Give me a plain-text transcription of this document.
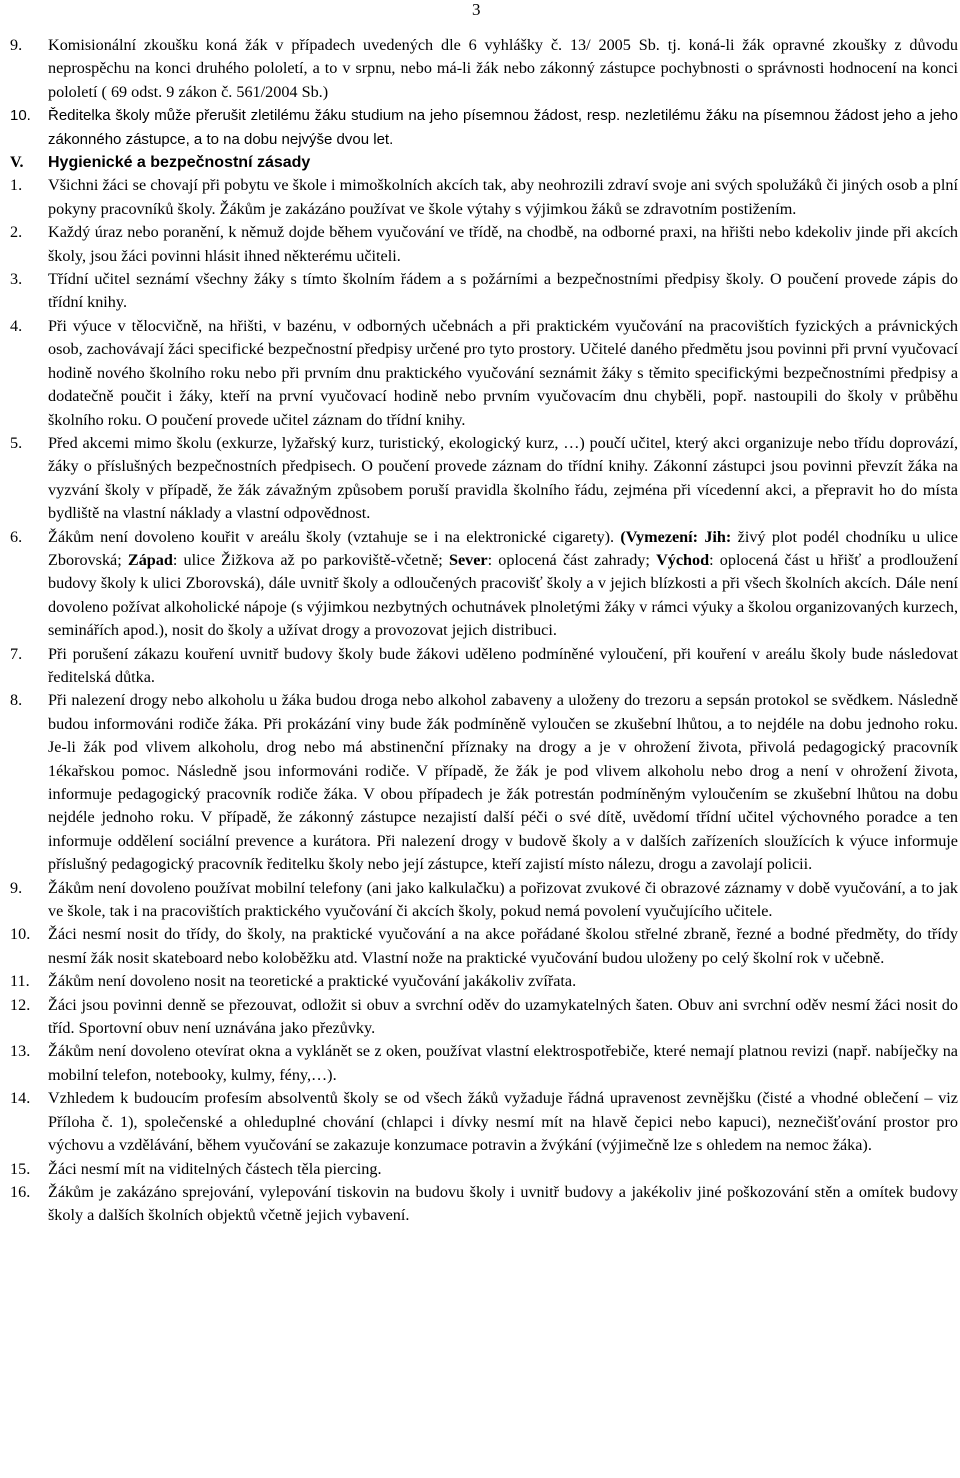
3
9. Komisionální zkoušku koná žák v případech uvedených dle 6 vyhlášky č. 13/ 2005 Sb. tj. koná-li žák opravné zkoušky z důvodu neprospěchu na konci druhého pololetí, a to v srpnu, nebo má-li žák nebo zákonný zástupce pochybnosti o správnosti hodnocení na konci pololetí ( 69 odst. 9 zákon č. 561/2004 Sb.)
10. Ředitelka školy může přerušit zletilému žáku studium na jeho písemnou žádost, resp. nezletilému žáku na písemnou žádost jeho a jeho zákonného zástupce, a to na dobu nejvýše dvou let.
V. Hygienické a bezpečnostní zásady
1. Všichni žáci se chovají při pobytu ve škole i mimoškolních akcích tak, aby neohrozili zdraví svoje ani svých spolužáků či jiných osob a plní pokyny pracovníků školy. Žákům je zakázáno používat ve škole výtahy s výjimkou žáků se zdravotním postižením.
2. Každý úraz nebo poranění, k němuž dojde během vyučování ve třídě, na chodbě, na odborné praxi, na hřišti nebo kdekoliv jinde při akcích školy, jsou žáci povinni hlásit ihned některému učiteli.
3. Třídní učitel seznámí všechny žáky s tímto školním řádem a s požárními a bezpečnostními předpisy školy. O poučení provede zápis do třídní knihy.
4. Při výuce v tělocvičně, na hřišti, v bazénu, v odborných učebnách a při praktickém vyučování na pracovištích fyzických a právnických osob, zachovávají žáci specifické bezpečnostní předpisy určené pro tyto prostory. Učitelé daného předmětu jsou povinni při první vyučovací hodině nového školního roku nebo při prvním dnu praktického vyučování seznámit žáky s těmito specifickými bezpečnostními předpisy a dodatečně poučit i žáky, kteří na první vyučovací hodině nebo prvním vyučovacím dnu chyběli, popř. nastoupili do školy v průběhu školního roku. O poučení provede učitel záznam do třídní knihy.
5. Před akcemi mimo školu (exkurze, lyžařský kurz, turistický, ekologický kurz, …) poučí učitel, který akci organizuje nebo třídu doprovází, žáky o příslušných bezpečnostních předpisech. O poučení provede záznam do třídní knihy. Zákonní zástupci jsou povinni převzít žáka na vyzvání školy v případě, že žák závažným způsobem poruší pravidla školního řádu, zejména při vícedenní akci, a přepravit ho do místa bydliště na vlastní náklady a vlastní odpovědnost.
6. Žákům není dovoleno kouřit v areálu školy (vztahuje se i na elektronické cigarety). (Vymezení: Jih: živý plot podél chodníku u ulice Zborovská; Západ: ulice Žižkova až po parkoviště-včetně; Sever: oplocená část zahrady; Východ: oplocená část u hřišť a prodloužení budovy školy k ulici Zborovská), dále uvnitř školy a odloučených pracovišť školy a v jejich blízkosti a při všech školních akcích. Dále není dovoleno požívat alkoholické nápoje (s výjimkou nezbytných ochutnávek plnoletými žáky v rámci výuky a školou organizovaných kurzech, seminářích apod.), nosit do školy a užívat drogy a provozovat jejich distribuci.
7. Při porušení zákazu kouření uvnitř budovy školy bude žákovi uděleno podmíněné vyloučení, při kouření v areálu školy bude následovat ředitelská důtka.
8. Při nalezení drogy nebo alkoholu u žáka budou droga nebo alkohol zabaveny a uloženy do trezoru a sepsán protokol se svědkem. Následně budou informováni rodiče žáka. Při prokázání viny bude žák podmíněně vyloučen se zkušební lhůtou, a to nejdéle na dobu jednoho roku. Je-li žák pod vlivem alkoholu, drog nebo má abstinenční příznaky na drogy a je v ohrožení života, přivolá pedagogický pracovník 1ékařskou pomoc. Následně jsou informováni rodiče. V případě, že žák je pod vlivem alkoholu nebo drog a není v ohrožení života, informuje pedagogický pracovník rodiče žáka. V obou případech je žák potrestán podmíněným vyloučením se zkušební lhůtou na dobu nejdéle jednoho roku. V případě, že zákonný zástupce nezajistí další péči o své dítě, uvědomí třídní učitel výchovného poradce a ten informuje oddělení sociální prevence a kurátora. Při nalezení drogy v budově školy a v dalších zařízeních sloužících k výuce informuje příslušný pedagogický pracovník ředitelku školy nebo její zástupce, kteří zajistí místo nálezu, drogu a zavolají policii.
9. Žákům není dovoleno používat mobilní telefony (ani jako kalkulačku) a pořizovat zvukové či obrazové záznamy v době vyučování, a to jak ve škole, tak i na pracovištích praktického vyučování či akcích školy, pokud nemá povolení vyučujícího učitele.
10. Žáci nesmí nosit do třídy, do školy, na praktické vyučování a na akce pořádané školou střelné zbraně, řezné a bodné předměty, do třídy nesmí žák nosit skateboard nebo koloběžku atd. Vlastní nože na praktické vyučování budou uloženy po celý školní rok v učebně.
11. Žákům není dovoleno nosit na teoretické a praktické vyučování jakákoliv zvířata.
12. Žáci jsou povinni denně se přezouvat, odložit si obuv a svrchní oděv do uzamykatelných šaten. Obuv ani svrchní oděv nesmí žáci nosit do tříd. Sportovní obuv není uznávána jako přezůvky.
13. Žákům není dovoleno otevírat okna a vyklánět se z oken, používat vlastní elektrospotřebiče, které nemají platnou revizi (např. nabíječky na mobilní telefon, notebooky, kulmy, fény,…).
14. Vzhledem k budoucím profesím absolventů školy se od všech žáků vyžaduje řádná upravenost zevnějšku (čisté a vhodné oblečení – viz Příloha č. 1), společenské a ohleduplné chování (chlapci i dívky nesmí mít na hlavě čepici nebo kapuci), neznečišťování prostor pro výchovu a vzdělávání, během vyučování se zakazuje konzumace potravin a žvýkání (výjimečně lze s ohledem na nemoc žáka).
15. Žáci nesmí mít na viditelných částech těla piercing.
16. Žákům je zakázáno sprejování, vylepování tiskovin na budovu školy i uvnitř budovy a jakékoliv jiné poškozování stěn a omítek budovy školy a dalších školních objektů včetně jejich vybavení.
